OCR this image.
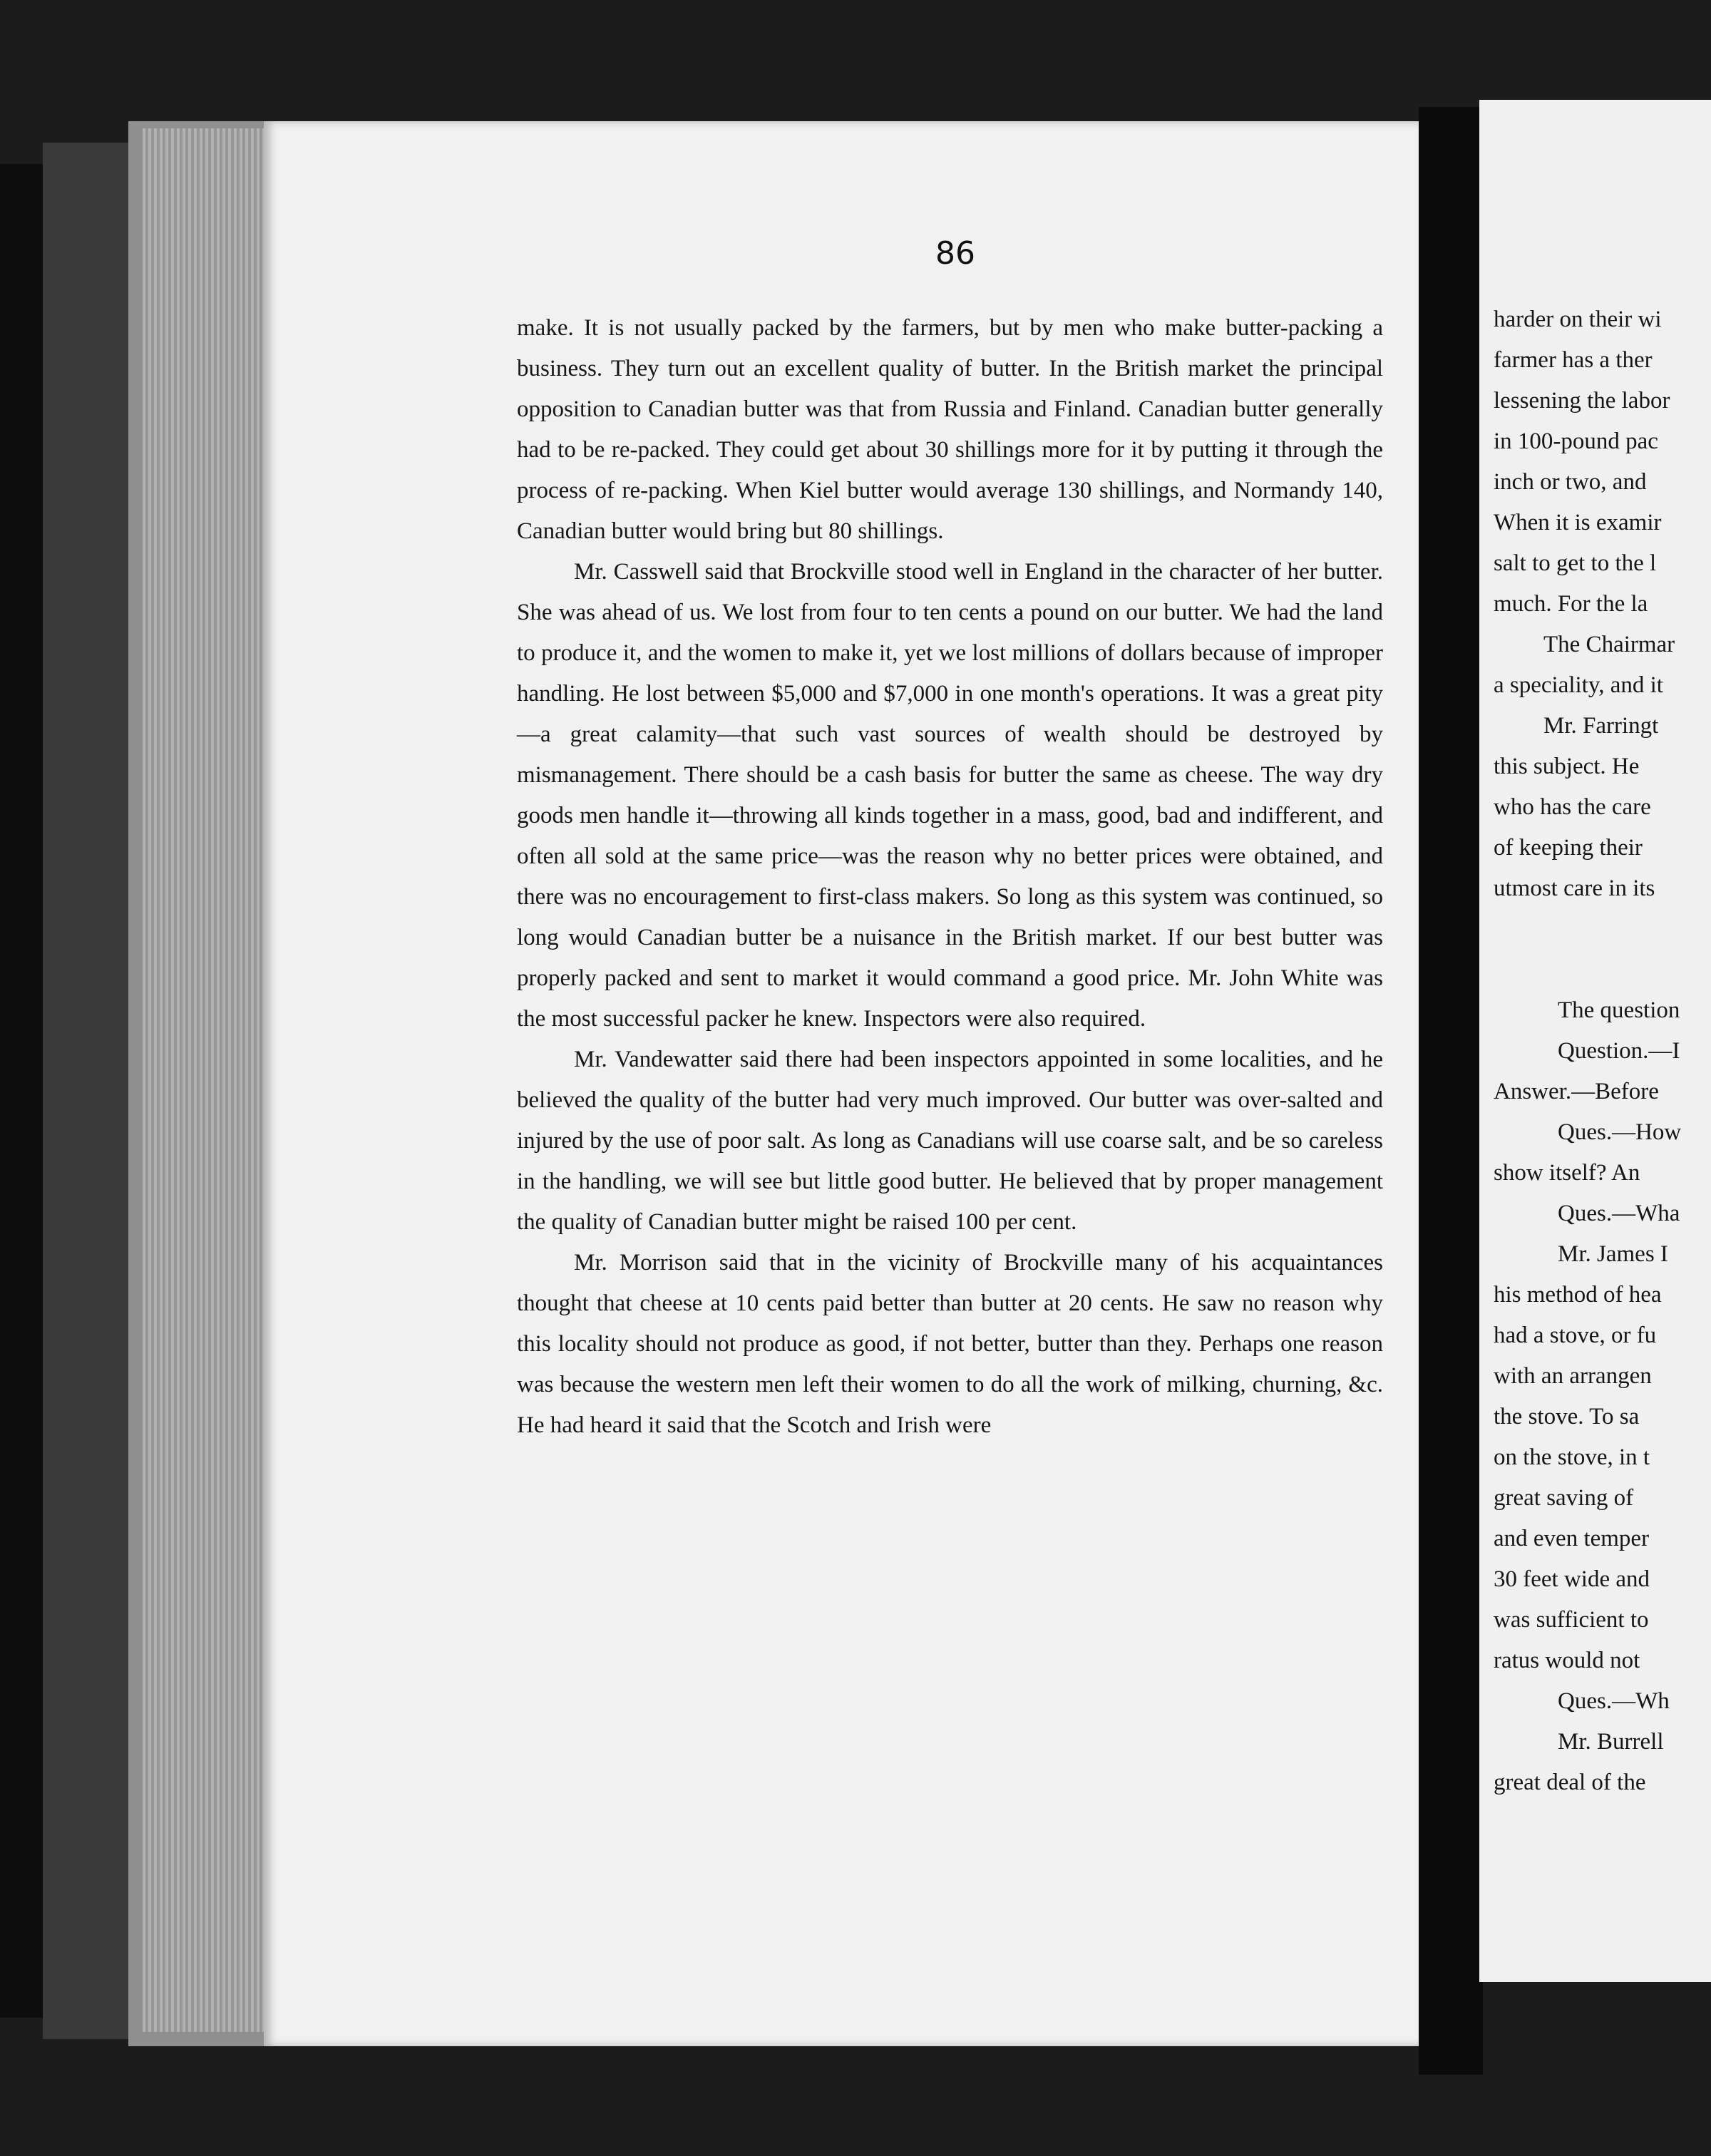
86

make. It is not usually packed by the farmers, but by men who make butter-packing a business. They turn out an excellent quality of butter. In the British market the principal opposition to Canadian butter was that from Russia and Finland. Canadian butter generally had to be re-packed. They could get about 30 shillings more for it by putting it through the process of re-packing. When Kiel butter would average 130 shillings, and Normandy 140, Canadian butter would bring but 80 shillings.

Mr. Casswell said that Brockville stood well in England in the character of her butter. She was ahead of us. We lost from four to ten cents a pound on our butter. We had the land to produce it, and the women to make it, yet we lost millions of dollars because of improper handling. He lost between $5,000 and $7,000 in one month's operations. It was a great pity—a great calamity—that such vast sources of wealth should be destroyed by mismanagement. There should be a cash basis for butter the same as cheese. The way dry goods men handle it—throwing all kinds together in a mass, good, bad and indifferent, and often all sold at the same price—was the reason why no better prices were obtained, and there was no encouragement to first-class makers. So long as this system was continued, so long would Canadian butter be a nuisance in the British market. If our best butter was properly packed and sent to market it would command a good price. Mr. John White was the most successful packer he knew. Inspectors were also required.

Mr. Vandewatter said there had been inspectors appointed in some localities, and he believed the quality of the butter had very much improved. Our butter was over-salted and injured by the use of poor salt. As long as Canadians will use coarse salt, and be so careless in the handling, we will see but little good butter. He believed that by proper management the quality of Canadian butter might be raised 100 per cent.

Mr. Morrison said that in the vicinity of Brockville many of his acquaintances thought that cheese at 10 cents paid better than butter at 20 cents. He saw no reason why this locality should not produce as good, if not better, butter than they. Perhaps one reason was because the western men left their women to do all the work of milking, churning, &c. He had heard it said that the Scotch and Irish were

harder on their wi
farmer has a ther
lessening the labor
in 100-pound pac
inch or two, and
When it is examir
salt to get to the l
much. For the la
The Chairmar
a speciality, and it
Mr. Farringt
this subject. He
who has the care
of keeping their
utmost care in its
The question
Question.—I
Answer.—Before
Ques.—How
show itself? An
Ques.—Wha
Mr. James I
his method of hea
had a stove, or fu
with an arrangen
the stove. To sa
on the stove, in t
great saving of
and even temper
30 feet wide and
was sufficient to
ratus would not
Ques.—Wh
Mr. Burrell
great deal of the
